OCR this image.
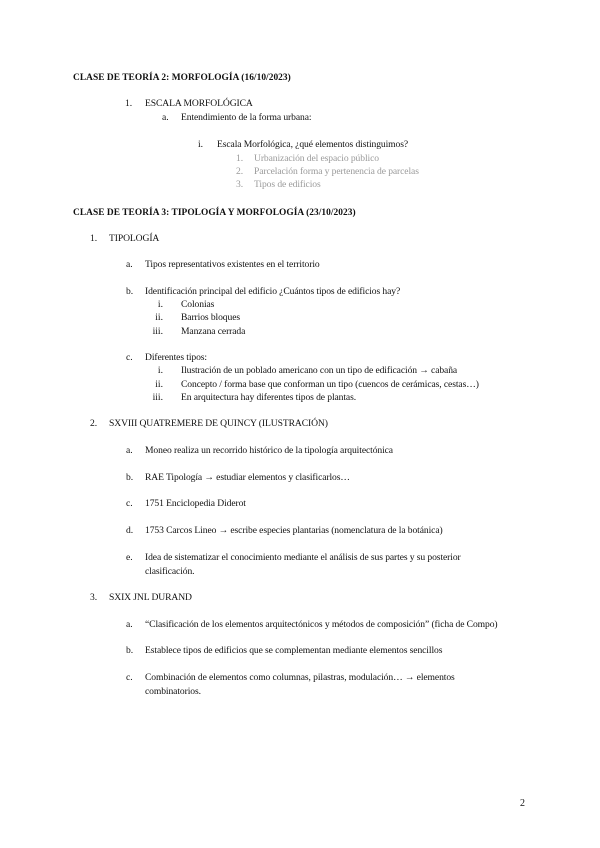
CLASE DE TEORÍA 2: MORFOLOGÍA (16/10/2023)
1. ESCALA MORFOLÓGICA
a. Entendimiento de la forma urbana:
i. Escala Morfológica, ¿qué elementos distinguimos?
1. Urbanización del espacio público
2. Parcelación forma y pertenencia de parcelas
3. Tipos de edificios
CLASE DE TEORÍA 3: TIPOLOGÍA Y MORFOLOGÍA (23/10/2023)
1. TIPOLOGÍA
a. Tipos representativos existentes en el territorio
b. Identificación principal del edificio ¿Cuántos tipos de edificios hay?
i. Colonias
ii. Barrios bloques
iii. Manzana cerrada
c. Diferentes tipos:
i. Ilustración de un poblado americano con un tipo de edificación → cabaña
ii. Concepto / forma base que conforman un tipo (cuencos de cerámicas, cestas…)
iii. En arquitectura hay diferentes tipos de plantas.
2. SXVIII QUATREMERE DE QUINCY (ILUSTRACIÓN)
a. Moneo realiza un recorrido histórico de la tipología arquitectónica
b. RAE Tipología → estudiar elementos y clasificarlos…
c. 1751 Enciclopedia Diderot
d. 1753 Carcos Lineo → escribe especies plantarias (nomenclatura de la botánica)
e. Idea de sistematizar el conocimiento mediante el análisis de sus partes y su posterior
clasificación.
3. SXIX JNL DURAND
a. “Clasificación de los elementos arquitectónicos y métodos de composición” (ficha de Compo)
b. Establece tipos de edificios que se complementan mediante elementos sencillos
c. Combinación de elementos como columnas, pilastras, modulación… → elementos
combinatorios.
2
